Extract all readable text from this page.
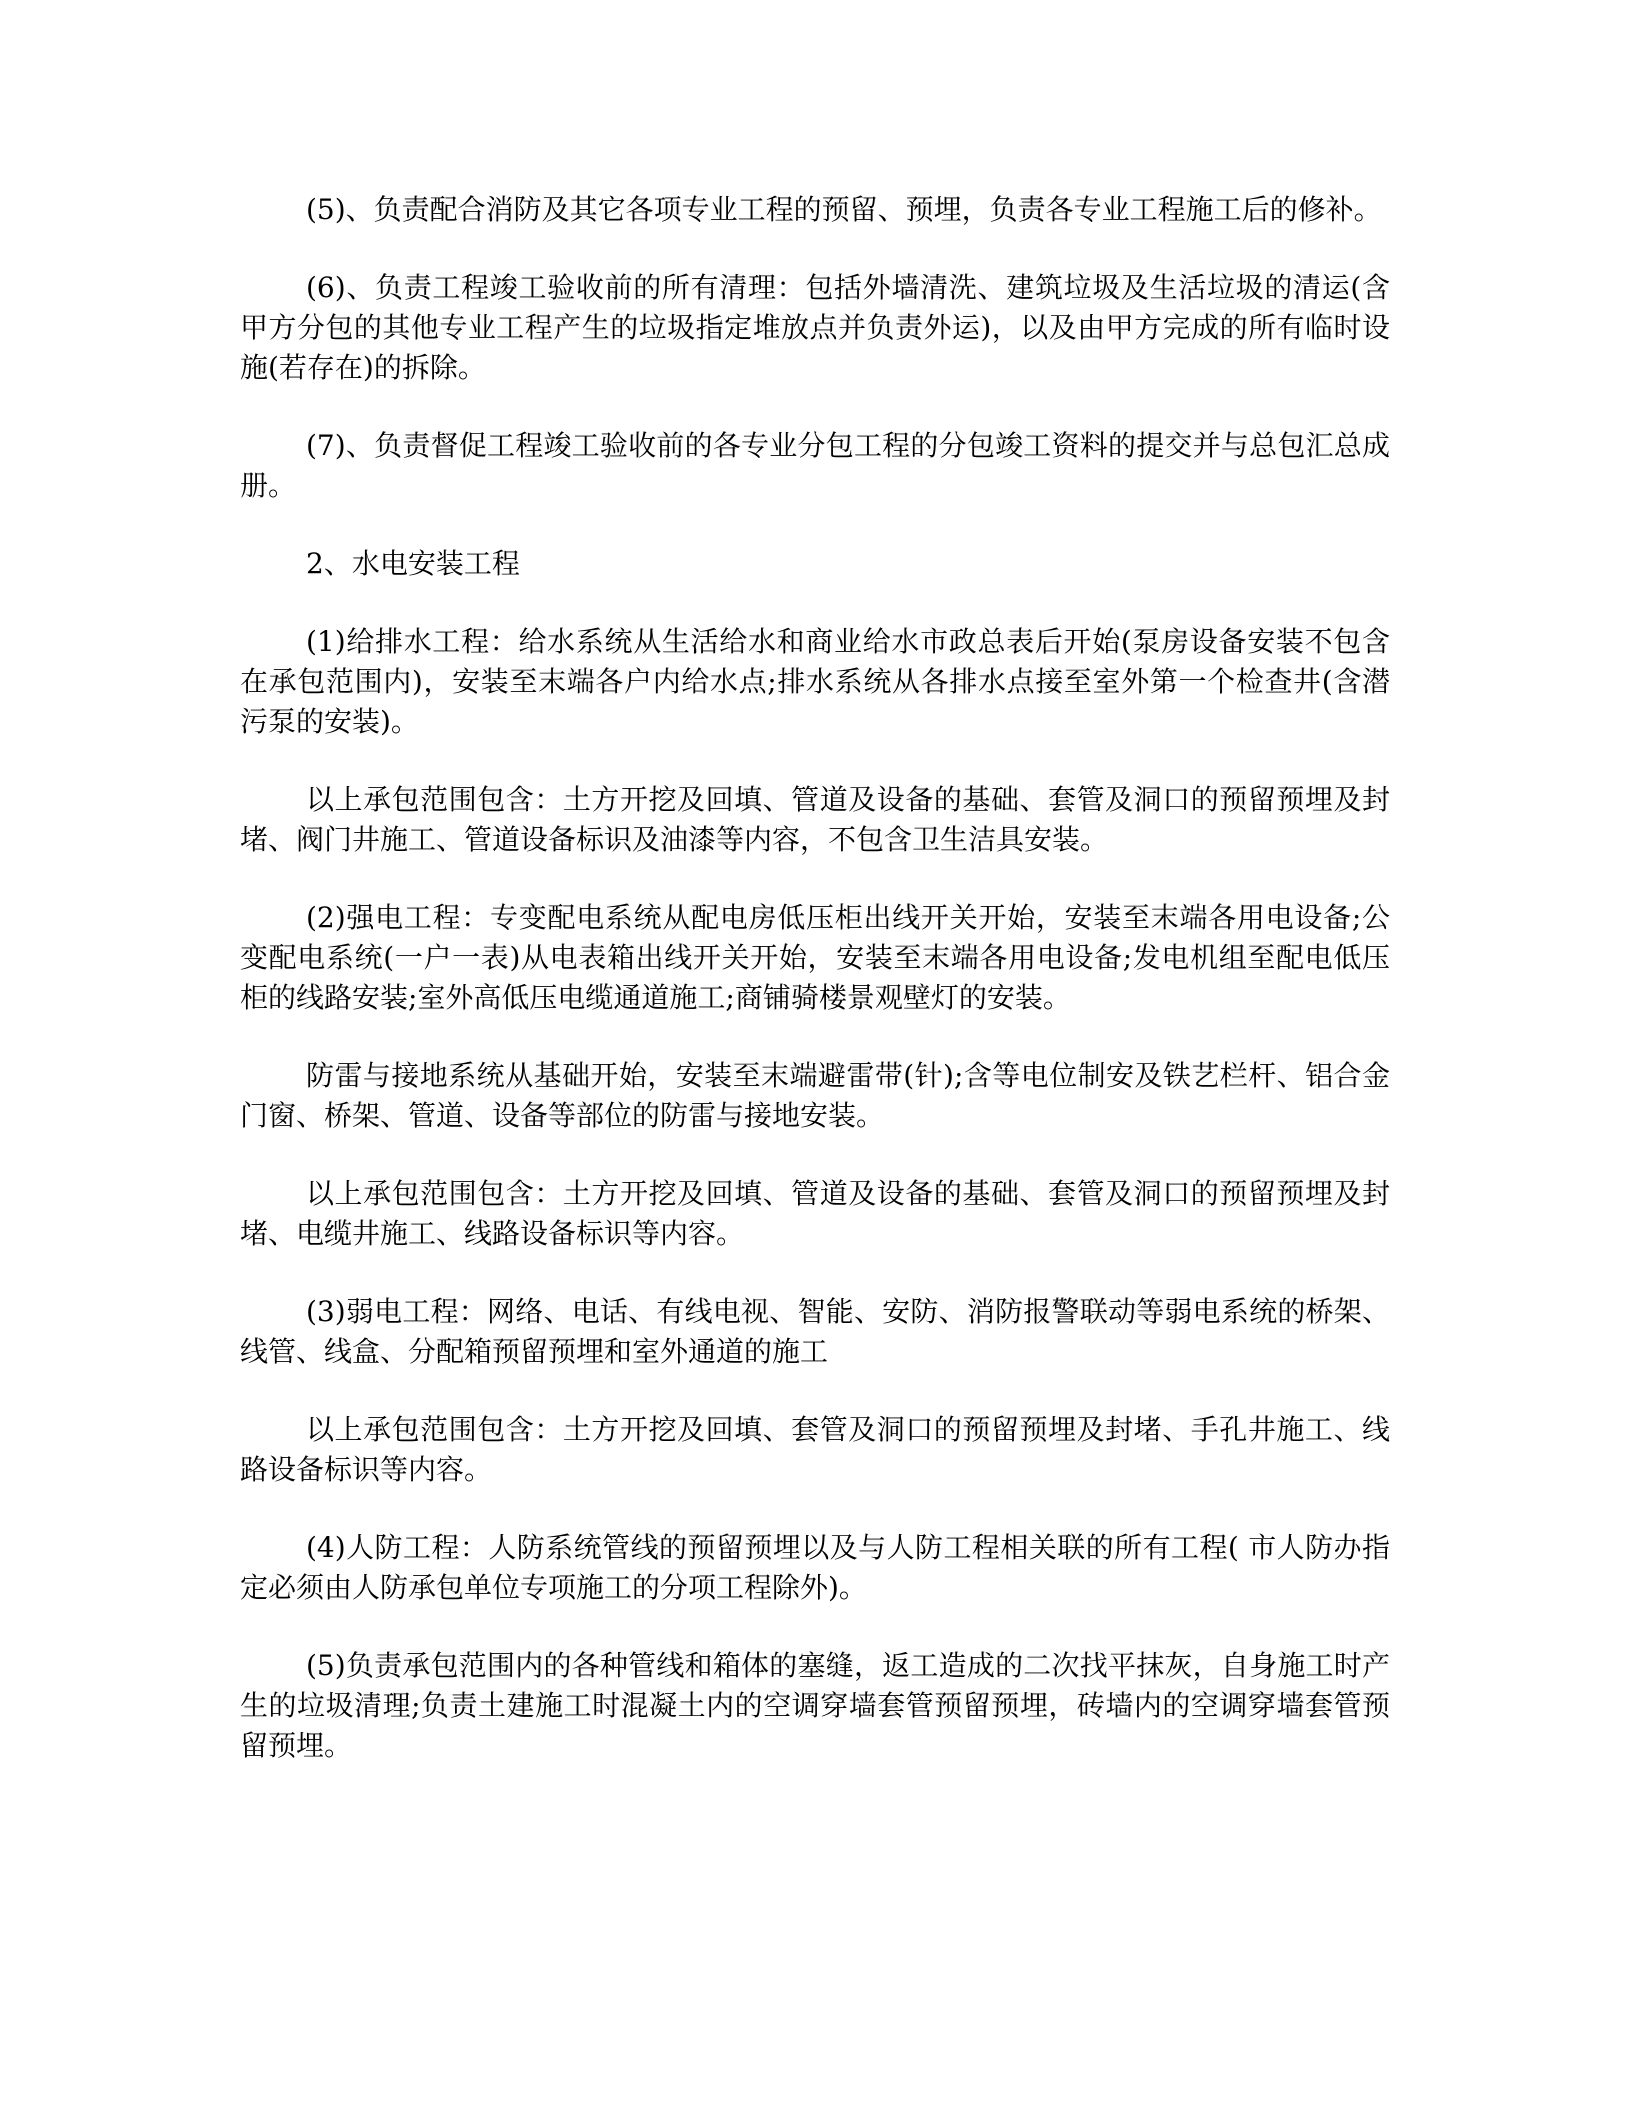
(5)、负责配合消防及其它各项专业工程的预留、预埋，负责各专业工程施工后的修补。

(6)、负责工程竣工验收前的所有清理：包括外墙清洗、建筑垃圾及生活垃圾的清运(含甲方分包的其他专业工程产生的垃圾指定堆放点并负责外运)，以及由甲方完成的所有临时设施(若存在)的拆除。

(7)、负责督促工程竣工验收前的各专业分包工程的分包竣工资料的提交并与总包汇总成册。

2、水电安装工程

(1)给排水工程：给水系统从生活给水和商业给水市政总表后开始(泵房设备安装不包含在承包范围内)，安装至末端各户内给水点;排水系统从各排水点接至室外第一个检查井(含潜污泵的安装)。

以上承包范围包含：土方开挖及回填、管道及设备的基础、套管及洞口的预留预埋及封堵、阀门井施工、管道设备标识及油漆等内容，不包含卫生洁具安装。

(2)强电工程：专变配电系统从配电房低压柜出线开关开始，安装至末端各用电设备;公变配电系统(一户一表)从电表箱出线开关开始，安装至末端各用电设备;发电机组至配电低压柜的线路安装;室外高低压电缆通道施工;商铺骑楼景观壁灯的安装。

防雷与接地系统从基础开始，安装至末端避雷带(针);含等电位制安及铁艺栏杆、铝合金门窗、桥架、管道、设备等部位的防雷与接地安装。

以上承包范围包含：土方开挖及回填、管道及设备的基础、套管及洞口的预留预埋及封堵、电缆井施工、线路设备标识等内容。

(3)弱电工程：网络、电话、有线电视、智能、安防、消防报警联动等弱电系统的桥架、线管、线盒、分配箱预留预埋和室外通道的施工

以上承包范围包含：土方开挖及回填、套管及洞口的预留预埋及封堵、手孔井施工、线路设备标识等内容。

(4)人防工程：人防系统管线的预留预埋以及与人防工程相关联的所有工程( 市人防办指定必须由人防承包单位专项施工的分项工程除外)。

(5)负责承包范围内的各种管线和箱体的塞缝，返工造成的二次找平抹灰，自身施工时产生的垃圾清理;负责土建施工时混凝土内的空调穿墙套管预留预埋，砖墙内的空调穿墙套管预留预埋。
